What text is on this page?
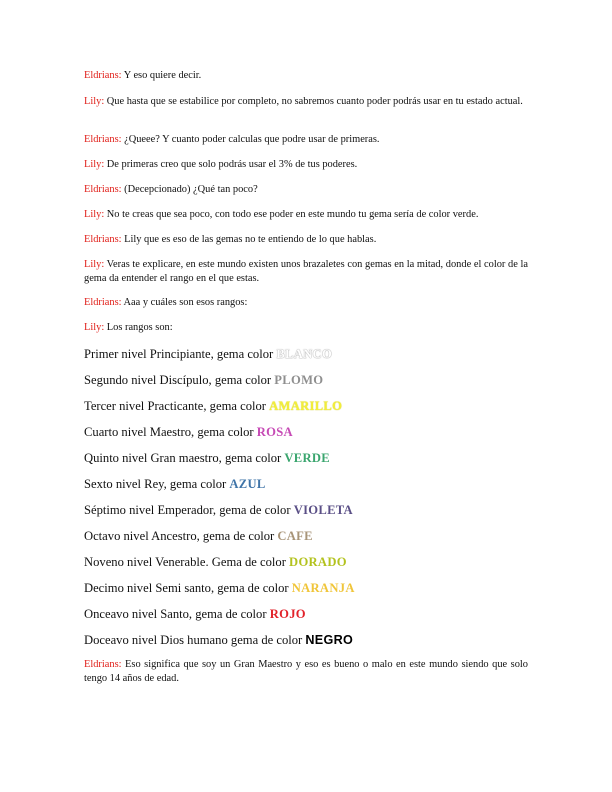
Eldrians: Y eso quiere decir.

Lily: Que hasta que se estabilice por completo, no sabremos cuanto poder podrás usar en tu estado actual.

Eldrians: ¿Queee? Y cuanto poder calculas que podre usar de primeras.

Lily: De primeras creo que solo podrás usar el 3% de tus poderes.

Eldrians: (Decepcionado) ¿Qué tan poco?

Lily: No te creas que sea poco, con todo ese poder en este mundo tu gema sería de color verde.

Eldrians: Lily que es eso de las gemas no te entiendo de lo que hablas.

Lily: Veras te explicare, en este mundo existen unos brazaletes con gemas en la mitad, donde el color de la gema da entender el rango en el que estas.

Eldrians: Aaa y cuáles son esos rangos:

Lily: Los rangos son:

Primer nivel Principiante, gema color BLANCO

Segundo nivel Discípulo, gema color PLOMO

Tercer nivel Practicante, gema color AMARILLO

Cuarto nivel Maestro, gema color ROSA

Quinto nivel Gran maestro, gema color VERDE

Sexto nivel Rey, gema color AZUL

Séptimo nivel Emperador, gema de color VIOLETA

Octavo nivel Ancestro, gema de color CAFE

Noveno nivel Venerable. Gema de color DORADO

Decimo nivel Semi santo, gema de color NARANJA

Onceavo nivel Santo, gema de color ROJO

Doceavo nivel Dios humano gema de color NEGRO

Eldrians: Eso significa que soy un Gran Maestro y eso es bueno o malo en este mundo siendo que solo tengo 14 años de edad.
